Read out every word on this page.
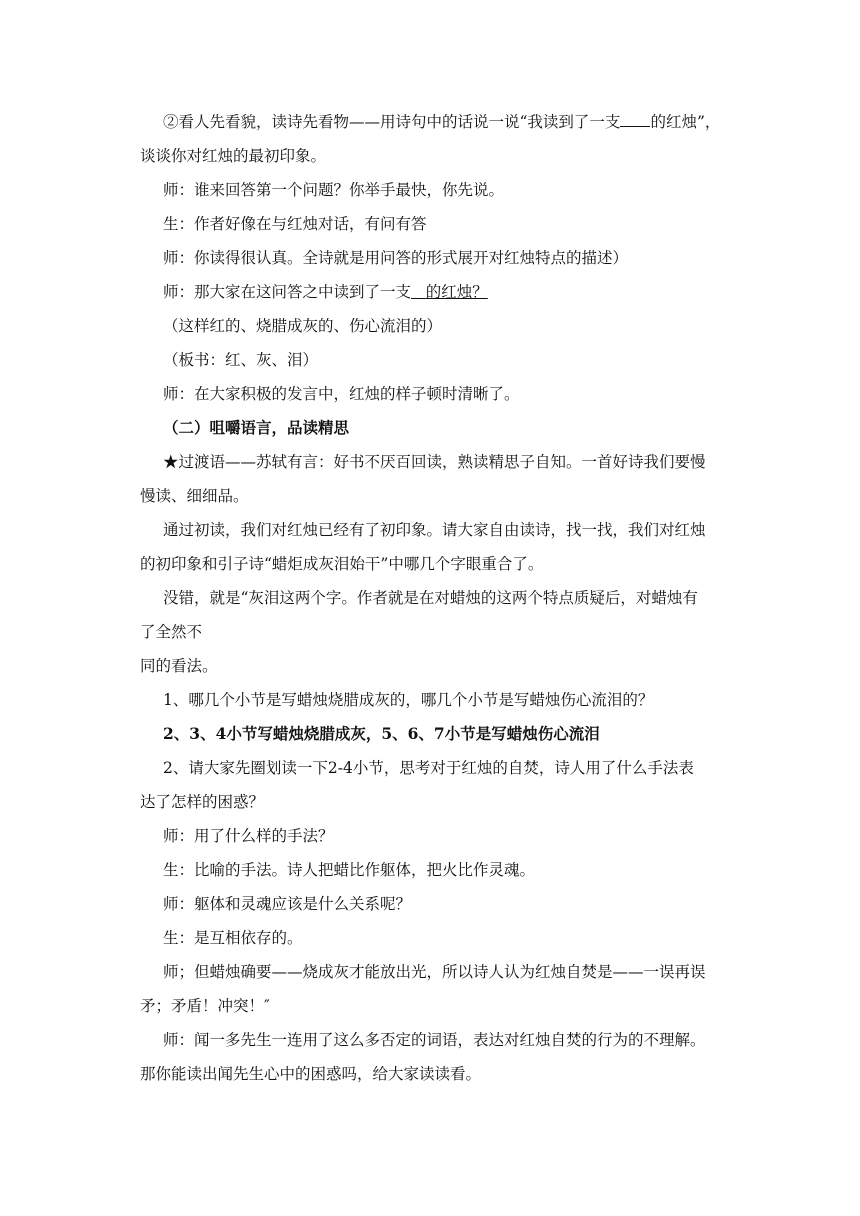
②看人先看貌，读诗先看物——用诗句中的话说一说“我读到了一支 的红烛”，
谈谈你对红烛的最初印象。
师：谁来回答第一个问题？你举手最快，你先说。
生：作者好像在与红烛对话，有问有答
师：你读得很认真。全诗就是用问答的形式展开对红烛特点的描述）
师：那大家在这问答之中读到了一支 的红烛？
（这样红的、烧腊成灰的、伤心流泪的）
（板书：红、灰、泪）
师：在大家积极的发言中，红烛的样子顿时清晰了。
（二）咀嚼语言，品读精思
★过渡语——苏轼有言：好书不厌百回读，熟读精思子自知。一首好诗我们要慢
慢读、细细品。
通过初读，我们对红烛已经有了初印象。请大家自由读诗，找一找，我们对红烛
的初印象和引子诗“蜡炬成灰泪始干”中哪几个字眼重合了。
没错，就是“灰泪这两个字。作者就是在对蜡烛的这两个特点质疑后，对蜡烛有
了全然不
同的看法。
1、哪几个小节是写蜡烛烧腊成灰的，哪几个小节是写蜡烛伤心流泪的？
2、3、4小节写蜡烛烧腊成灰，5、6、7小节是写蜡烛伤心流泪
2、请大家先圈划读一下2-4小节，思考对于红烛的自焚，诗人用了什么手法表
达了怎样的困惑？
师：用了什么样的手法？
生：比喻的手法。诗人把蜡比作躯体，把火比作灵魂。
师：躯体和灵魂应该是什么关系呢？
生：是互相依存的。
师；但蜡烛确要——烧成灰才能放出光，所以诗人认为红烛自焚是——一误再误
矛；矛盾！冲突！″
师：闻一多先生一连用了这么多否定的词语，表达对红烛自焚的行为的不理解。
那你能读出闻先生心中的困惑吗，给大家读读看。
